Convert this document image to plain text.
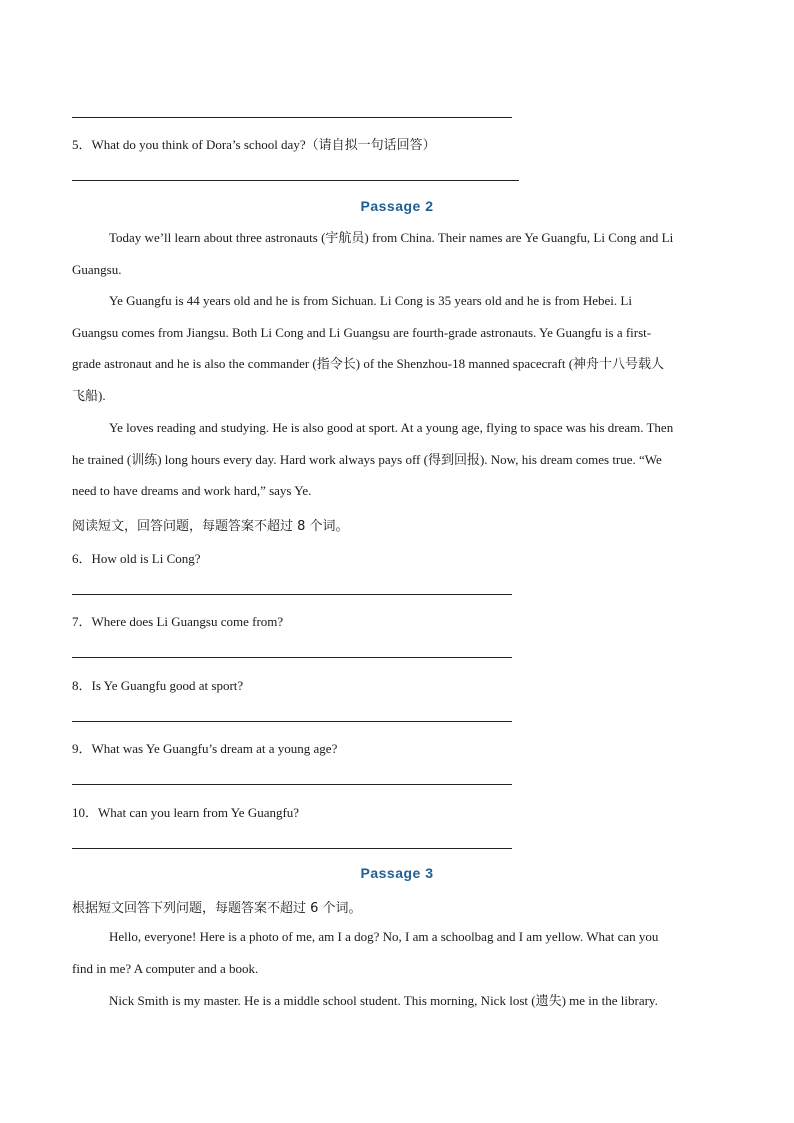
5．What do you think of Dora’s school day?（请自拟一句话回答）
Passage 2
Today we’ll learn about three astronauts (宇航员) from China. Their names are Ye Guangfu, Li Cong and Li
Guangsu.
Ye Guangfu is 44 years old and he is from Sichuan. Li Cong is 35 years old and he is from Hebei. Li
Guangsu comes from Jiangsu. Both Li Cong and Li Guangsu are fourth-grade astronauts. Ye Guangfu is a first-
grade astronaut and he is also the commander (指令长) of the Shenzhou-18 manned spacecraft (神舟十八号载人
飞船).
Ye loves reading and studying. He is also good at sport. At a young age, flying to space was his dream. Then
he trained (训练) long hours every day. Hard work always pays off (得到回报). Now, his dream comes true. “We
need to have dreams and work hard,” says Ye.
阅读短文，回答问题，每题答案不超过 8 个词。
6．How old is Li Cong?
7．Where does Li Guangsu come from?
8．Is Ye Guangfu good at sport?
9．What was Ye Guangfu’s dream at a young age?
10．What can you learn from Ye Guangfu?
Passage 3
根据短文回答下列问题，每题答案不超过 6 个词。
Hello, everyone! Here is a photo of me, am I a dog? No, I am a schoolbag and I am yellow. What can you
find in me? A computer and a book.
Nick Smith is my master. He is a middle school student. This morning, Nick lost (遗失) me in the library.
